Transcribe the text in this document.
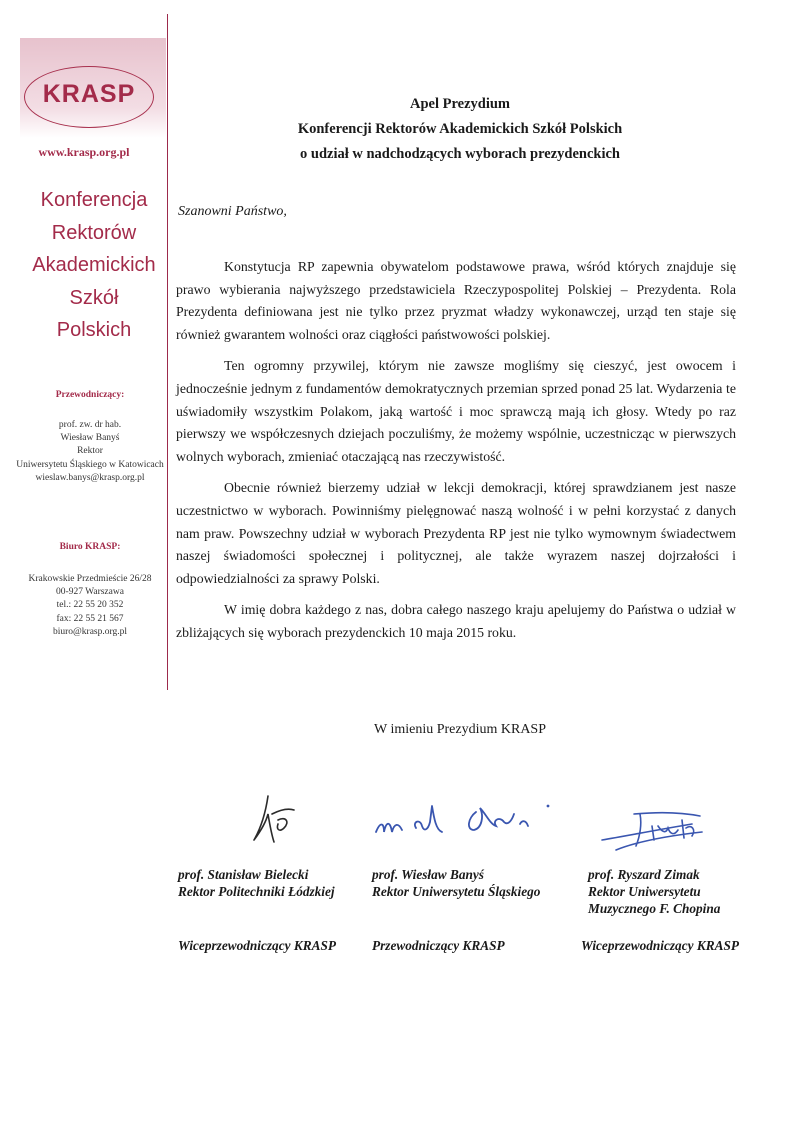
KRASP
www.krasp.org.pl
Konferencja
Rektorów
Akademickich
Szkół
Polskich
Przewodniczący:
prof. zw. dr hab.
Wiesław Banyś
Rektor
Uniwersytetu Śląskiego w Katowicach
wieslaw.banys@krasp.org.pl
Biuro KRASP:
Krakowskie Przedmieście 26/28
00-927 Warszawa
tel.: 22 55 20 352
fax: 22 55 21 567
biuro@krasp.org.pl
Apel Prezydium
Konferencji Rektorów Akademickich Szkół Polskich
o udział w nadchodzących wyborach prezydenckich
Szanowni Państwo,

Konstytucja RP zapewnia obywatelom podstawowe prawa, wśród których znajduje się prawo wybierania najwyższego przedstawiciela Rzeczypospolitej Polskiej – Prezydenta. Rola Prezydenta definiowana jest nie tylko przez pryzmat władzy wykonawczej, urząd ten staje się również gwarantem wolności oraz ciągłości państwowości polskiej.

Ten ogromny przywilej, którym nie zawsze mogliśmy się cieszyć, jest owocem i jednocześnie jednym z fundamentów demokratycznych przemian sprzed ponad 25 lat. Wydarzenia te uświadomiły wszystkim Polakom, jaką wartość i moc sprawczą mają ich głosy. Wtedy po raz pierwszy we współczesnych dziejach poczuliśmy, że możemy wspólnie, uczestnicząc w pierwszych wolnych wyborach, zmieniać otaczającą nas rzeczywistość.

Obecnie również bierzemy udział w lekcji demokracji, której sprawdzianem jest nasze uczestnictwo w wyborach. Powinniśmy pielęgnować naszą wolność i w pełni korzystać z danych nam praw. Powszechny udział w wyborach Prezydenta RP jest nie tylko wymownym świadectwem naszej świadomości społecznej i politycznej, ale także wyrazem naszej dojrzałości i odpowiedzialności za sprawy Polski.

W imię dobra każdego z nas, dobra całego naszego kraju apelujemy do Państwa o udział w zbliżających się wyborach prezydenckich 10 maja 2015 roku.

W imieniu Prezydium KRASP
prof. Stanisław Bielecki
Rektor Politechniki Łódzkiej
prof. Wiesław Banyś
Rektor Uniwersytetu Śląskiego
prof. Ryszard Zimak
Rektor Uniwersytetu
Muzycznego F. Chopina
Wiceprzewodniczący KRASP	Przewodniczący KRASP	Wiceprzewodniczący KRASP
